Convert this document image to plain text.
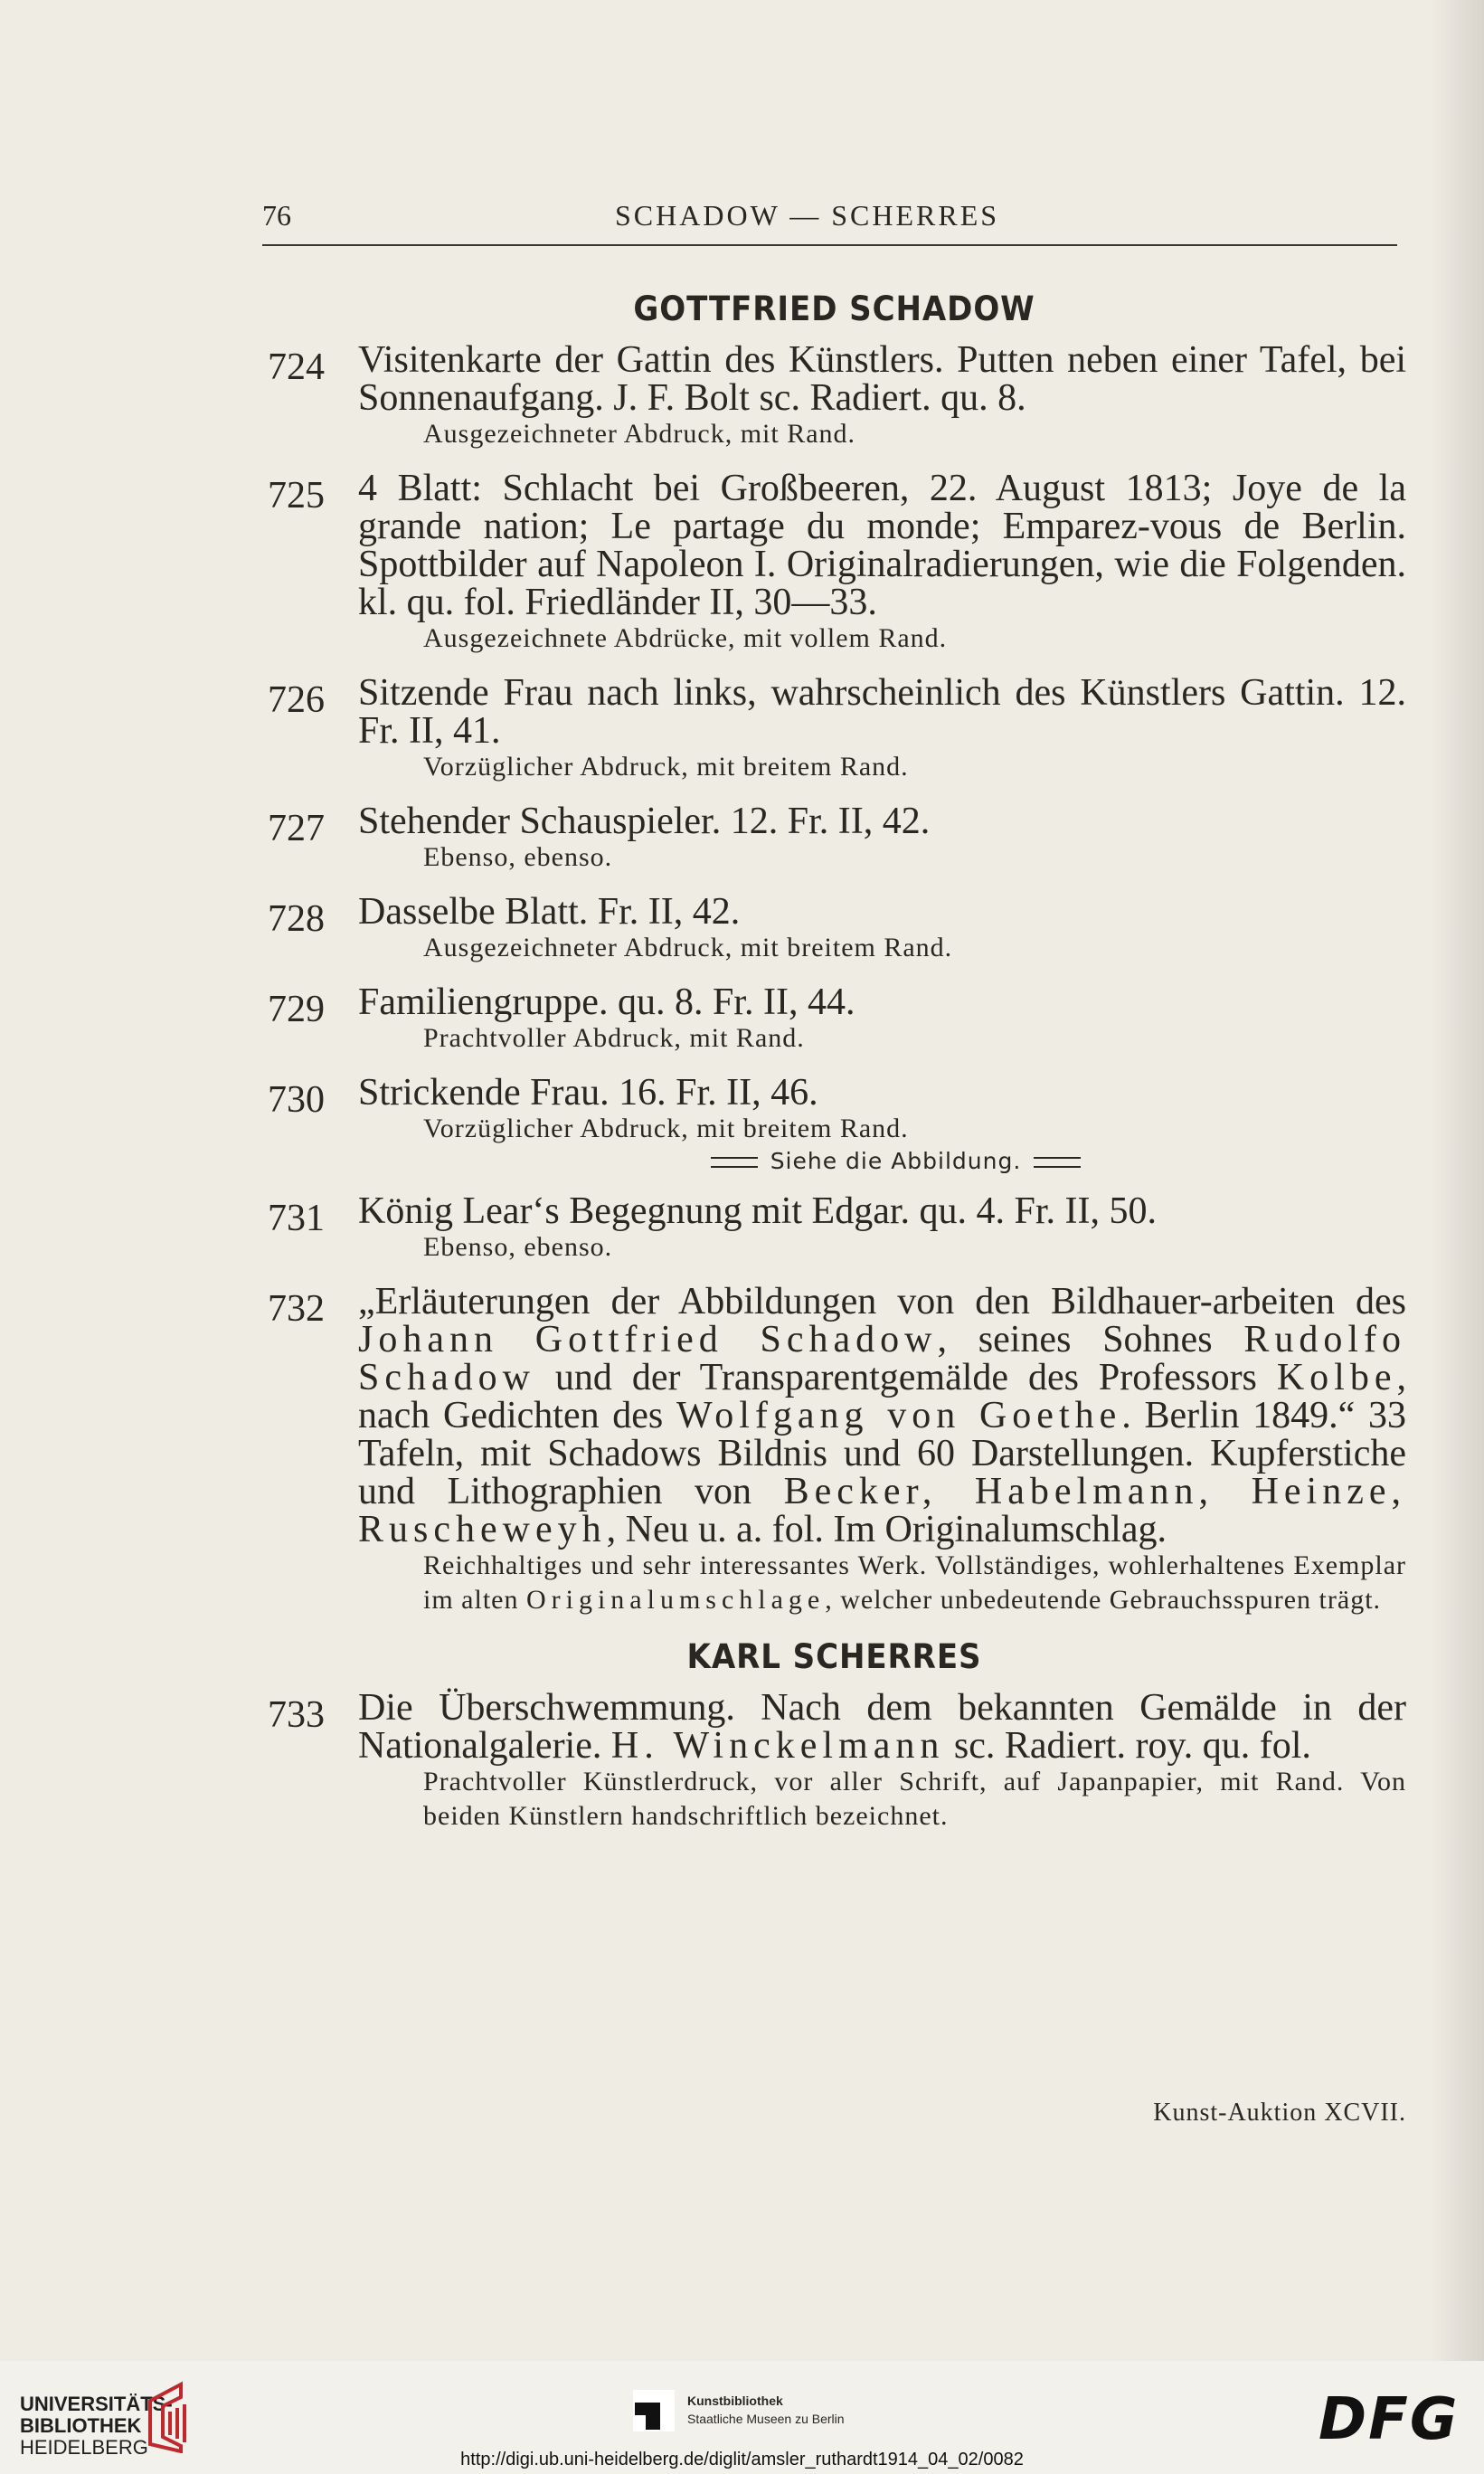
76	SCHADOW — SCHERRES
GOTTFRIED SCHADOW
724 Visitenkarte der Gattin des Künstlers. Putten neben einer Tafel, bei Sonnenaufgang. J. F. Bolt sc. Radiert. qu. 8.
Ausgezeichneter Abdruck, mit Rand.
725 4 Blatt: Schlacht bei Großbeeren, 22. August 1813; Joye de la grande nation; Le partage du monde; Emparez-vous de Berlin. Spottbilder auf Napoleon I. Originalradierungen, wie die Folgenden. kl. qu. fol. Friedländer II, 30—33.
Ausgezeichnete Abdrücke, mit vollem Rand.
726 Sitzende Frau nach links, wahrscheinlich des Künstlers Gattin. 12. Fr. II, 41.
Vorzüglicher Abdruck, mit breitem Rand.
727 Stehender Schauspieler. 12. Fr. II, 42.
Ebenso, ebenso.
728 Dasselbe Blatt. Fr. II, 42.
Ausgezeichneter Abdruck, mit breitem Rand.
729 Familiengruppe. qu. 8. Fr. II, 44.
Prachtvoller Abdruck, mit Rand.
730 Strickende Frau. 16. Fr. II, 46.
Vorzüglicher Abdruck, mit breitem Rand.
Siehe die Abbildung.
731 König Lear‘s Begegnung mit Edgar. qu. 4. Fr. II, 50.
Ebenso, ebenso.
732 „Erläuterungen der Abbildungen von den Bildhauer-arbeiten des Johann Gottfried Schadow, seines Sohnes Rudolfo Schadow und der Transparentgemälde des Professors Kolbe, nach Gedichten des Wolfgang von Goethe. Berlin 1849.“ 33 Tafeln, mit Schadows Bildnis und 60 Darstellungen. Kupferstiche und Lithographien von Becker, Habelmann, Heinze, Ruscheweyh, Neu u. a. fol. Im Originalumschlag.
Reichhaltiges und sehr interessantes Werk. Vollständiges, wohlerhaltenes Exemplar im alten Originalumschlage, welcher unbedeutende Gebrauchsspuren trägt.
KARL SCHERRES
733 Die Überschwemmung. Nach dem bekannten Gemälde in der Nationalgalerie. H. Winckelmann sc. Radiert. roy. qu. fol.
Prachtvoller Künstlerdruck, vor aller Schrift, auf Japanpapier, mit Rand. Von beiden Künstlern handschriftlich bezeichnet.
Kunst-Auktion XCVII.
UNIVERSITÄTS-
BIBLIOTHEK
HEIDELBERG
Kunstbibliothek
Staatliche Museen zu Berlin	DFG
http://digi.ub.uni-heidelberg.de/diglit/amsler_ruthardt1914_04_02/0082
